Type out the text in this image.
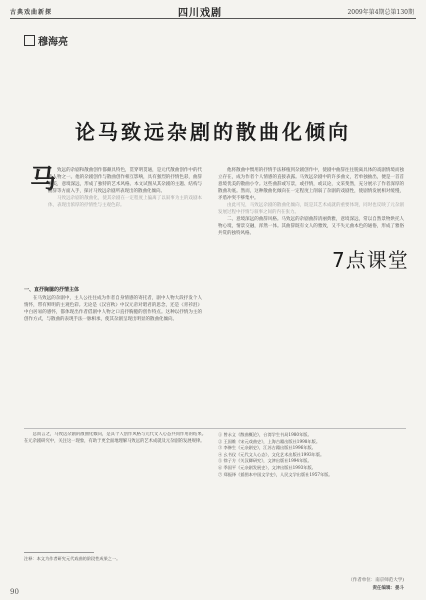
古典戏曲新探	四川戏剧	2009年第4期总第130期
穆海亮
论马致远杂剧的散曲化倾向
马 致远的杂剧和散曲创作都颇具特色，贯穿明贯通，是元代散曲创作中的代表人物之一。他的杂剧创作与散曲创作相互影响，具有强烈的抒情色彩，曲辞优美，意境深远，形成了独特的艺术风格。本文试图从其杂剧的主题、结构与曲辞等方面入手，探讨马致远杂剧所表现出的散曲化倾向。

马致远杂剧的散曲化，使其杂剧在一定程度上偏离了以叙事为主的戏剧本体，表现出浓厚的抒情性与主观色彩。

一、直抒胸臆的抒情主体

在马致远的杂剧中，主人公往往成为作者自身情感的寄托者，剧中人物大段抒发个人情怀，带有鲜明的主观色彩。无论是《汉宫秋》中汉元帝对昭君的思念，还是《青衫泪》中白居易的感怀，都体现出作者借剧中人物之口直抒胸臆的创作特点。这种以抒情为主的创作方式，与散曲的表现手法一脉相承，使其杂剧呈现出明显的散曲化倾向。

他将散曲中惯用的抒情手法移植到杂剧创作中，使剧中曲辞往往脱离具体的戏剧情境而独立存在，成为作者个人情感的直接表露。马致远杂剧中的许多曲文，若单独抽出，便是一首首意境优美的散曲小令。这些曲辞或写景，或抒情，或议论，文采斐然，充分展示了作者深厚的散曲功底。然而，这种散曲化倾向在一定程度上削弱了杂剧的戏剧性，使剧情发展相对缓慢，矛盾冲突不够集中。

由此可见，马致远杂剧的散曲化倾向，既是其艺术成就的重要体现，同时也反映了元杂剧发展过程中抒情与叙事之间的内在张力。

二、意境深远的曲辞风格。马致远的杂剧曲辞清丽典雅，意境深远，常以自然景物烘托人物心境，情景交融，浑然一体。其曲辞既有文人的雅致，又不失元曲本色的通俗，形成了雅俗共赏的独特风格。

7点课堂

总而言之，马致远杂剧的散曲化倾向，是其个人创作风格与元代文人心态共同作用的结果。在元杂剧研究中，关注这一现象，有助于更全面地理解马致远的艺术成就及元杂剧的发展规律。

① 曾永义《散曲概论》，台湾学生书局1980年版。

② 王国维《宋元戏曲史》，上海古籍出版社1998年版。

③ 李修生《元杂剧史》，江苏古籍出版社1996年版。

④ 幺书仪《元代文人心态》，文化艺术出版社1993年版。

⑤ 徐子方《关汉卿研究》，文津出版社1994年版。

⑥ 季国平《元杂剧发展史》，文津出版社1993年版。

⑦ 郑振铎《插图本中国文学史》，人民文学出版社1957年版。

注释：本文为作者研究元代戏曲的阶段性成果之一。

（作者单位：南京师范大学)
责任编辑：晏斗
90
